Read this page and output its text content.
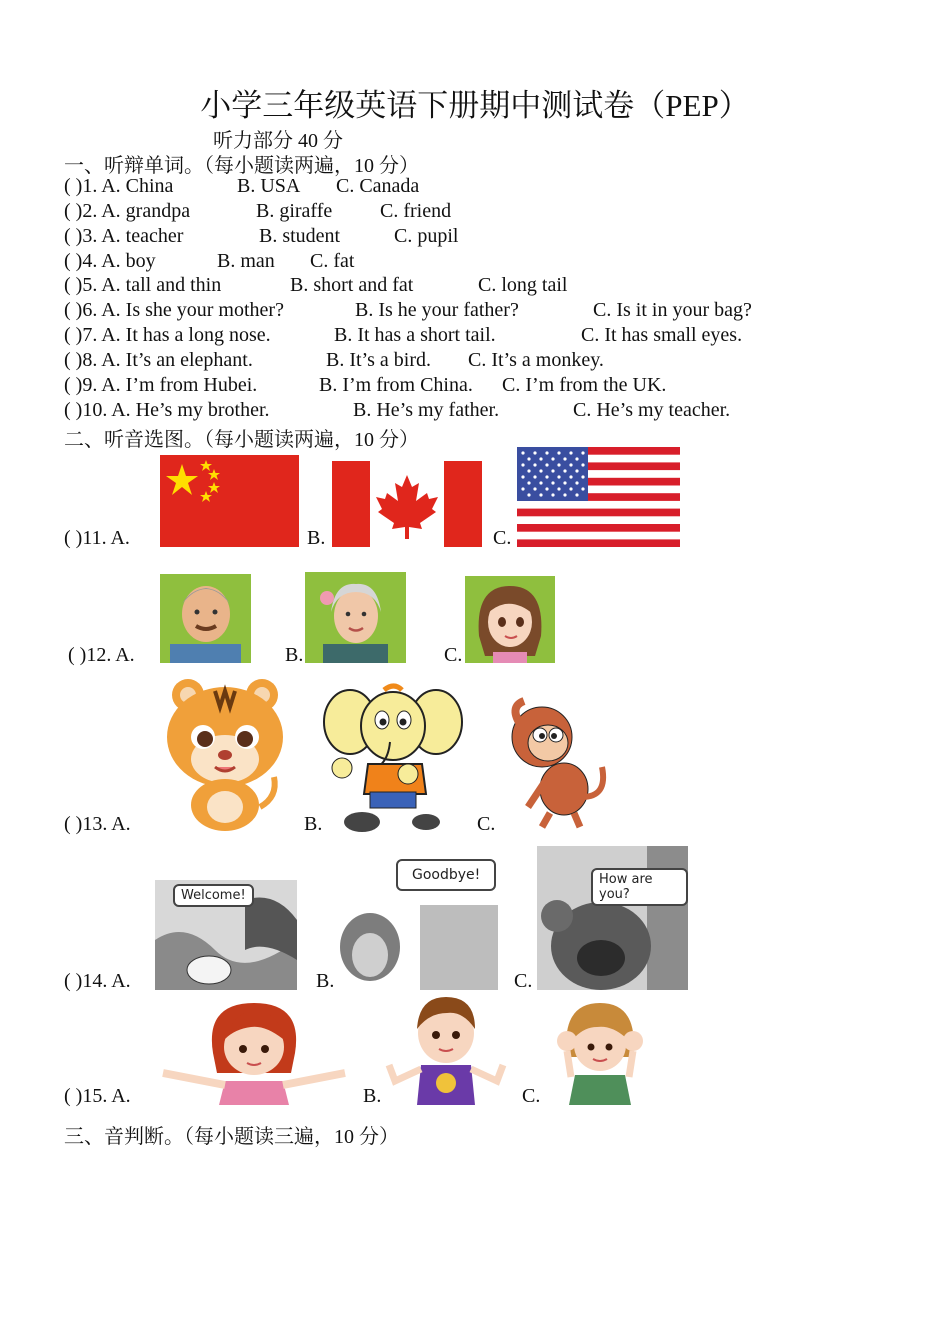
小学三年级英语下册期中测试卷（PEP）
听力部分 40 分
一、听辩单词。（每小题读两遍，10 分）
( )1. A. China	B. USA C. Canada
( )2. A. grandpa	B. giraffe C. friend
( )3. A. teacher	B. student	C. pupil
( )4. A. boy	B. man C. fat
( )5. A. tall and thin	B. short and fat	C. long tail
( )6. A. Is she your mother?	B. Is he your father?	C. Is it in your bag?
( )7. A. It has a long nose.	B. It has a short tail.	C. It has small eyes.
( )8. A. It’s an elephant.	B. It’s a bird. C. It’s a monkey.
( )9. A. I’m from Hubei.	B. I’m from China. C. I’m from the UK.
( )10. A. He’s my brother.	B. He’s my father.	C. He’s my teacher.
二、听音选图。（每小题读两遍，10 分）
( )11. A.	B.	C.
( )12. A.	B.	C.
( )13. A.	B.	C.
( )14. A.
Welcome!
B.
Goodbye!
C.
How are you?
( )15. A.	B.	C.
三、音判断。（每小题读三遍，10 分）
